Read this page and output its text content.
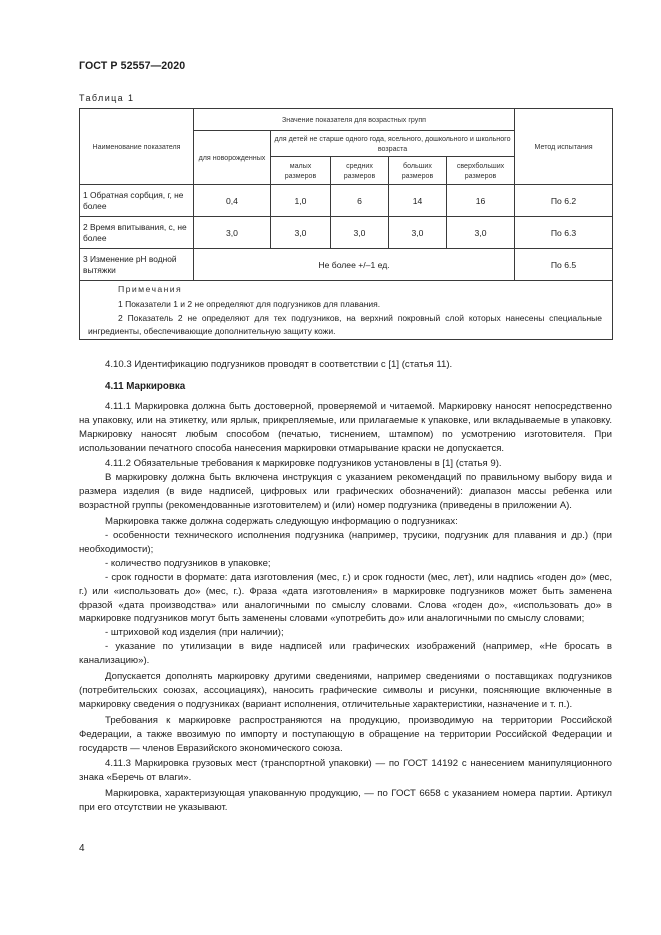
ГОСТ Р 52557—2020
Таблица 1
Наименование показателя	Значение показателя для возрастных групп					Метод испытания
	для новорожденных	для детей не старше одного года, ясельного, дошкольного и школьного возраста				
		малых размеров	средних размеров	больших размеров	сверхбольших размеров	
1 Обратная сорбция, г, не более	0,4	1,0	6	14	16	По 6.2
2 Время впитывания, с, не более	3,0	3,0	3,0	3,0	3,0	По 6.3
3 Изменение pH водной вытяжки	Не более +/–1 ед.					По 6.5

Примечания
1 Показатели 1 и 2 не определяют для подгузников для плавания.
2 Показатель 2 не определяют для тех подгузников, на верхний покровный слой которых нанесены специальные ингредиенты, обеспечивающие дополнительную защиту кожи.						

4.10.3 Идентификацию подгузников проводят в соответствии с [1] (статья 11).

4.11 Маркировка

4.11.1 Маркировка должна быть достоверной, проверяемой и читаемой. Маркировку наносят непосредственно на упаковку, или на этикетку, или ярлык, прикрепляемые, или прилагаемые к упаковке, или вкладываемые в упаковку. Маркировку наносят любым способом (печатью, тиснением, штампом) по усмотрению изготовителя. При использовании печатного способа нанесения маркировки отмарывание краски не допускается.

4.11.2 Обязательные требования к маркировке подгузников установлены в [1] (статья 9).

В маркировку должна быть включена инструкция с указанием рекомендаций по правильному выбору вида и размера изделия (в виде надписей, цифровых или графических обозначений): диапазон массы ребенка или возрастной группы (рекомендованные изготовителем) и (или) номер подгузника (приведены в приложении А).

Маркировка также должна содержать следующую информацию о подгузниках:

- особенности технического исполнения подгузника (например, трусики, подгузник для плавания и др.) (при необходимости);

- количество подгузников в упаковке;

- срок годности в формате: дата изготовления (мес, г.) и срок годности (мес, лет), или надпись «годен до» (мес, г.) или «использовать до» (мес, г.). Фраза «дата изготовления» в маркировке подгузников может быть заменена фразой «дата производства» или аналогичными по смыслу словами. Слова «годен до», «использовать до» в маркировке подгузников могут быть заменены словами «употребить до» или аналогичными по смыслу словами;

- штриховой код изделия (при наличии);

- указание по утилизации в виде надписей или графических изображений (например, «Не бросать в канализацию»).

Допускается дополнять маркировку другими сведениями, например сведениями о поставщиках подгузников (потребительских союзах, ассоциациях), наносить графические символы и рисунки, поясняющие включенные в маркировку сведения о подгузниках (вариант исполнения, отличительные характеристики, назначение и т. п.).

Требования к маркировке распространяются на продукцию, производимую на территории Российской Федерации, а также ввозимую по импорту и поступающую в обращение на территории Российской Федерации и государств — членов Евразийского экономического союза.

4.11.3 Маркировка грузовых мест (транспортной упаковки) — по ГОСТ 14192 с нанесением манипуляционного знака «Беречь от влаги».

Маркировка, характеризующая упакованную продукцию, — по ГОСТ 6658 с указанием номера партии. Артикул при его отсутствии не указывают.

4
